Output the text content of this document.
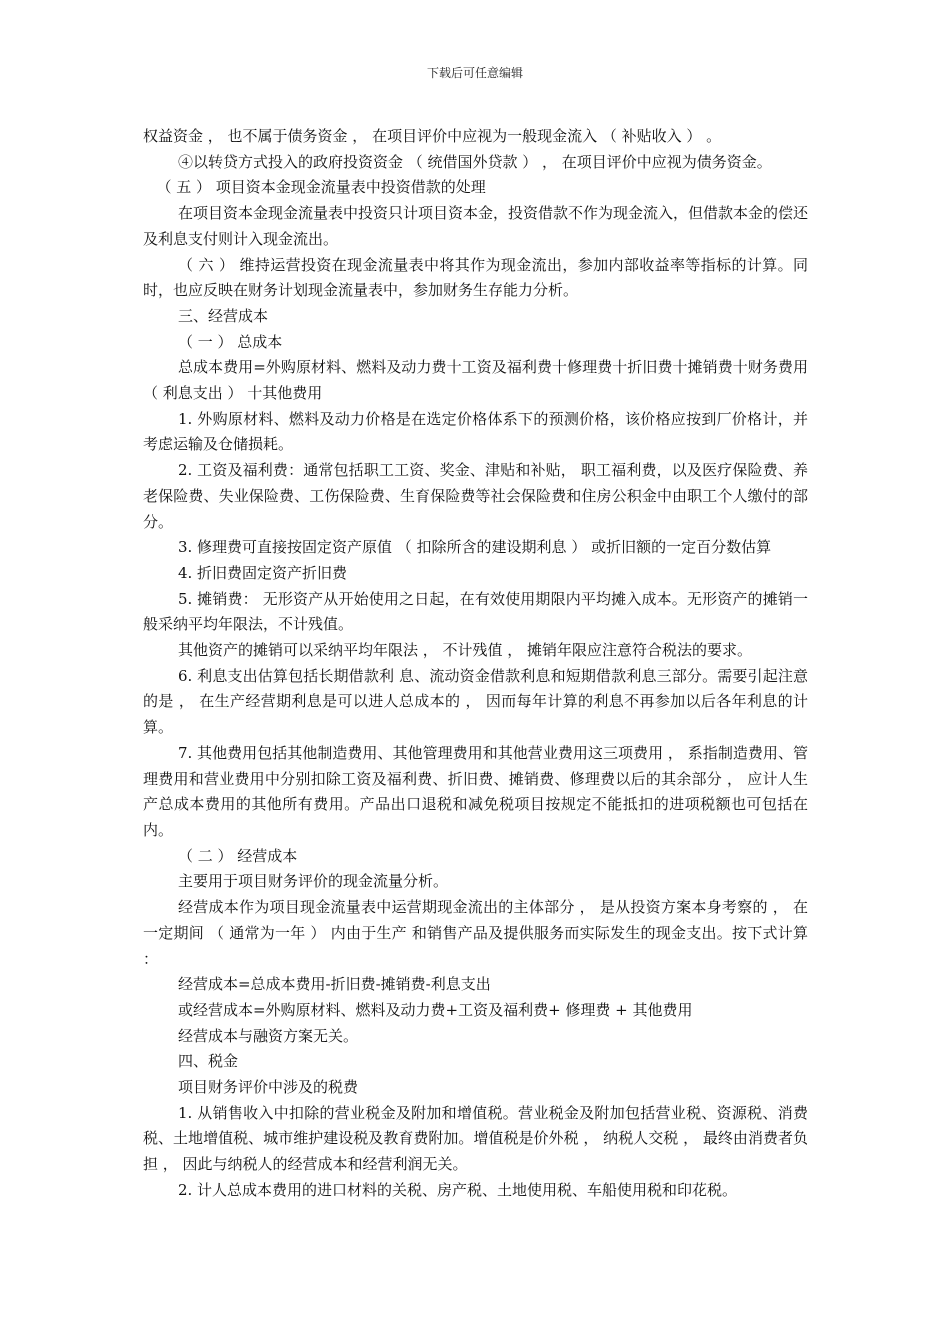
下载后可任意编辑

权益资金 ， 也不属于债务资金 ， 在项目评价中应视为一般现金流入 （ 补贴收入 ） 。

④以转贷方式投入的政府投资资金 （ 统借国外贷款 ） ， 在项目评价中应视为债务资金。

（ 五 ） 项目资本金现金流量表中投资借款的处理

在项目资本金现金流量表中投资只计项目资本金，投资借款不作为现金流入，但借款本金的偿还及利息支付则计入现金流出。

（ 六 ） 维持运营投资在现金流量表中将其作为现金流出，参加内部收益率等指标的计算。同时，也应反映在财务计划现金流量表中，参加财务生存能力分析。

三、经营成本

（ 一 ） 总成本

总成本费用=外购原材料、燃料及动力费十工资及福利费十修理费十折旧费十摊销费十财务费用 （ 利息支出 ） 十其他费用

1. 外购原材料、燃料及动力价格是在选定价格体系下的预测价格，该价格应按到厂价格计，并考虑运输及仓储损耗。

2. 工资及福利费：通常包括职工工资、奖金、津贴和补贴， 职工福利费，以及医疗保险费、养老保险费、失业保险费、工伤保险费、生育保险费等社会保险费和住房公积金中由职工个人缴付的部分。

3. 修理费可直接按固定资产原值 （ 扣除所含的建设期利息 ） 或折旧额的一定百分数估算

4. 折旧费固定资产折旧费

5. 摊销费： 无形资产从开始使用之日起，在有效使用期限内平均摊入成本。无形资产的摊销一般采纳平均年限法，不计残值。

其他资产的摊销可以采纳平均年限法 ， 不计残值 ， 摊销年限应注意符合税法的要求。

6. 利息支出估算包括长期借款利 息、流动资金借款利息和短期借款利息三部分。需要引起注意的是 ， 在生产经营期利息是可以进人总成本的 ， 因而每年计算的利息不再参加以后各年利息的计算。

7. 其他费用包括其他制造费用、其他管理费用和其他营业费用这三项费用 ， 系指制造费用、管理费用和营业费用中分别扣除工资及福利费、折旧费、摊销费、修理费以后的其余部分 ， 应计人生产总成本费用的其他所有费用。产品出口退税和减免税项目按规定不能抵扣的进项税额也可包括在内。

（ 二 ） 经营成本

主要用于项目财务评价的现金流量分析。

经营成本作为项目现金流量表中运营期现金流出的主体部分 ， 是从投资方案本身考察的 ， 在一定期间 （ 通常为一年 ） 内由于生产 和销售产品及提供服务而实际发生的现金支出。按下式计算 ：

经营成本=总成本费用-折旧费-摊销费-利息支出

或经营成本=外购原材料、燃料及动力费+工资及福利费+ 修理费 + 其他费用

经营成本与融资方案无关。

四、税金

项目财务评价中涉及的税费

1. 从销售收入中扣除的营业税金及附加和增值税。营业税金及附加包括营业税、资源税、消费税、土地增值税、城市维护建设税及教育费附加。增值税是价外税 ， 纳税人交税 ， 最终由消费者负担 ， 因此与纳税人的经营成本和经营利润无关。

2. 计人总成本费用的进口材料的关税、房产税、土地使用税、车船使用税和印花税。
